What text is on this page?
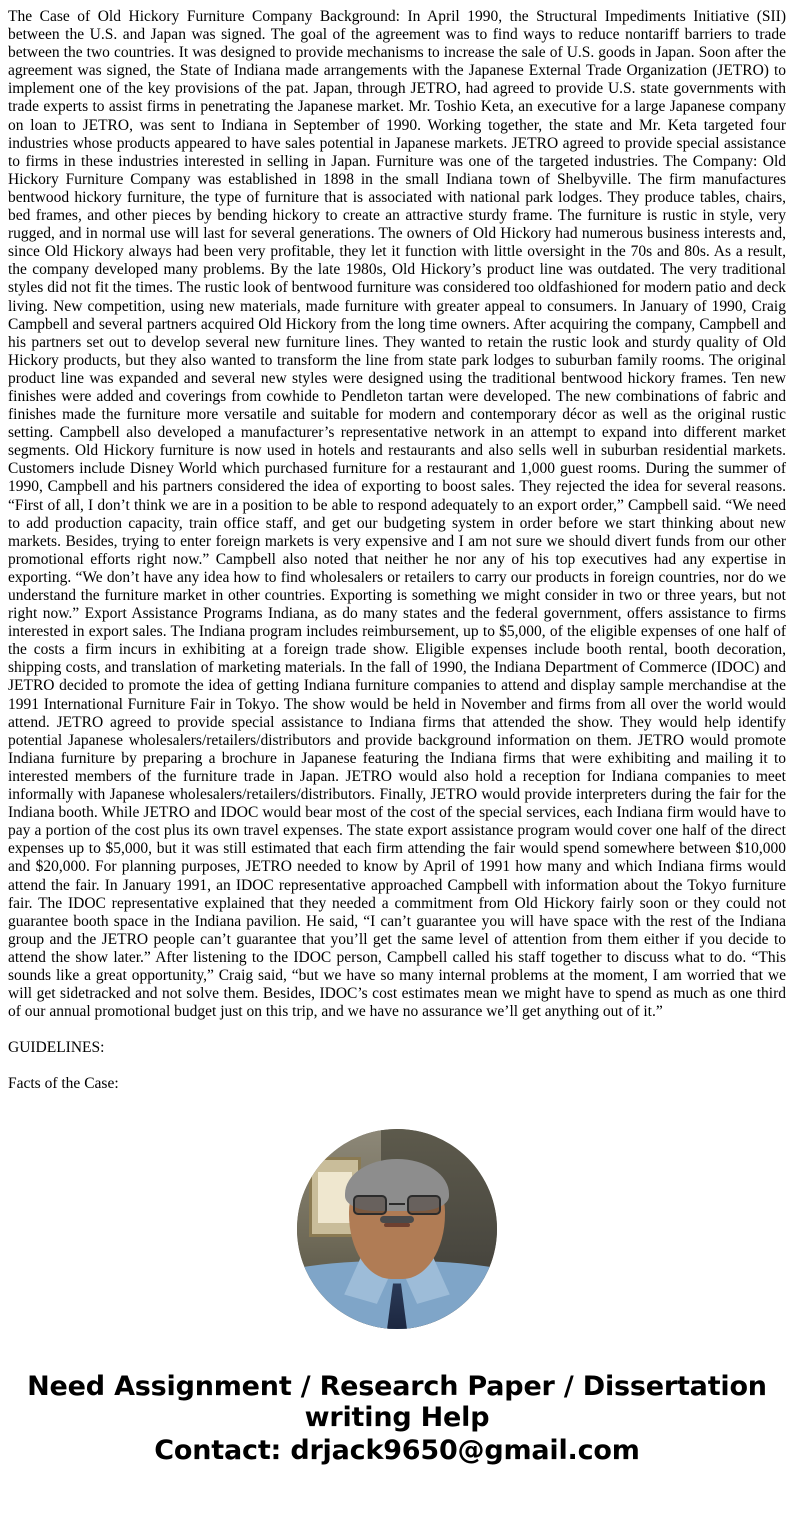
The Case of Old Hickory Furniture Company Background: In April 1990, the Structural Impediments Initiative (SII) between the U.S. and Japan was signed. The goal of the agreement was to find ways to reduce nontariff barriers to trade between the two countries. It was designed to provide mechanisms to increase the sale of U.S. goods in Japan. Soon after the agreement was signed, the State of Indiana made arrangements with the Japanese External Trade Organization (JETRO) to implement one of the key provisions of the pat. Japan, through JETRO, had agreed to provide U.S. state governments with trade experts to assist firms in penetrating the Japanese market. Mr. Toshio Keta, an executive for a large Japanese company on loan to JETRO, was sent to Indiana in September of 1990. Working together, the state and Mr. Keta targeted four industries whose products appeared to have sales potential in Japanese markets. JETRO agreed to provide special assistance to firms in these industries interested in selling in Japan. Furniture was one of the targeted industries. The Company: Old Hickory Furniture Company was established in 1898 in the small Indiana town of Shelbyville. The firm manufactures bentwood hickory furniture, the type of furniture that is associated with national park lodges. They produce tables, chairs, bed frames, and other pieces by bending hickory to create an attractive sturdy frame. The furniture is rustic in style, very rugged, and in normal use will last for several generations. The owners of Old Hickory had numerous business interests and, since Old Hickory always had been very profitable, they let it function with little oversight in the 70s and 80s. As a result, the company developed many problems. By the late 1980s, Old Hickory’s product line was outdated. The very traditional styles did not fit the times. The rustic look of bentwood furniture was considered too oldfashioned for modern patio and deck living. New competition, using new materials, made furniture with greater appeal to consumers. In January of 1990, Craig Campbell and several partners acquired Old Hickory from the long time owners. After acquiring the company, Campbell and his partners set out to develop several new furniture lines. They wanted to retain the rustic look and sturdy quality of Old Hickory products, but they also wanted to transform the line from state park lodges to suburban family rooms. The original product line was expanded and several new styles were designed using the traditional bentwood hickory frames. Ten new finishes were added and coverings from cowhide to Pendleton tartan were developed. The new combinations of fabric and finishes made the furniture more versatile and suitable for modern and contemporary décor as well as the original rustic setting. Campbell also developed a manufacturer’s representative network in an attempt to expand into different market segments. Old Hickory furniture is now used in hotels and restaurants and also sells well in suburban residential markets. Customers include Disney World which purchased furniture for a restaurant and 1,000 guest rooms. During the summer of 1990, Campbell and his partners considered the idea of exporting to boost sales. They rejected the idea for several reasons. “First of all, I don’t think we are in a position to be able to respond adequately to an export order,” Campbell said. “We need to add production capacity, train office staff, and get our budgeting system in order before we start thinking about new markets. Besides, trying to enter foreign markets is very expensive and I am not sure we should divert funds from our other promotional efforts right now.” Campbell also noted that neither he nor any of his top executives had any expertise in exporting. “We don’t have any idea how to find wholesalers or retailers to carry our products in foreign countries, nor do we understand the furniture market in other countries. Exporting is something we might consider in two or three years, but not right now.” Export Assistance Programs Indiana, as do many states and the federal government, offers assistance to firms interested in export sales. The Indiana program includes reimbursement, up to $5,000, of the eligible expenses of one half of the costs a firm incurs in exhibiting at a foreign trade show. Eligible expenses include booth rental, booth decoration, shipping costs, and translation of marketing materials. In the fall of 1990, the Indiana Department of Commerce (IDOC) and JETRO decided to promote the idea of getting Indiana furniture companies to attend and display sample merchandise at the 1991 International Furniture Fair in Tokyo. The show would be held in November and firms from all over the world would attend. JETRO agreed to provide special assistance to Indiana firms that attended the show. They would help identify potential Japanese wholesalers/retailers/distributors and provide background information on them. JETRO would promote Indiana furniture by preparing a brochure in Japanese featuring the Indiana firms that were exhibiting and mailing it to interested members of the furniture trade in Japan. JETRO would also hold a reception for Indiana companies to meet informally with Japanese wholesalers/retailers/distributors. Finally, JETRO would provide interpreters during the fair for the Indiana booth. While JETRO and IDOC would bear most of the cost of the special services, each Indiana firm would have to pay a portion of the cost plus its own travel expenses. The state export assistance program would cover one half of the direct expenses up to $5,000, but it was still estimated that each firm attending the fair would spend somewhere between $10,000 and $20,000. For planning purposes, JETRO needed to know by April of 1991 how many and which Indiana firms would attend the fair. In January 1991, an IDOC representative approached Campbell with information about the Tokyo furniture fair. The IDOC representative explained that they needed a commitment from Old Hickory fairly soon or they could not guarantee booth space in the Indiana pavilion. He said, “I can’t guarantee you will have space with the rest of the Indiana group and the JETRO people can’t guarantee that you’ll get the same level of attention from them either if you decide to attend the show later.” After listening to the IDOC person, Campbell called his staff together to discuss what to do. “This sounds like a great opportunity,” Craig said, “but we have so many internal problems at the moment, I am worried that we will get sidetracked and not solve them. Besides, IDOC’s cost estimates mean we might have to spend as much as one third of our annual promotional budget just on this trip, and we have no assurance we’ll get anything out of it.”

GUIDELINES:

Facts of the Case:

Need Assignment / Research Paper / Dissertation
writing Help
Contact: drjack9650@gmail.com
